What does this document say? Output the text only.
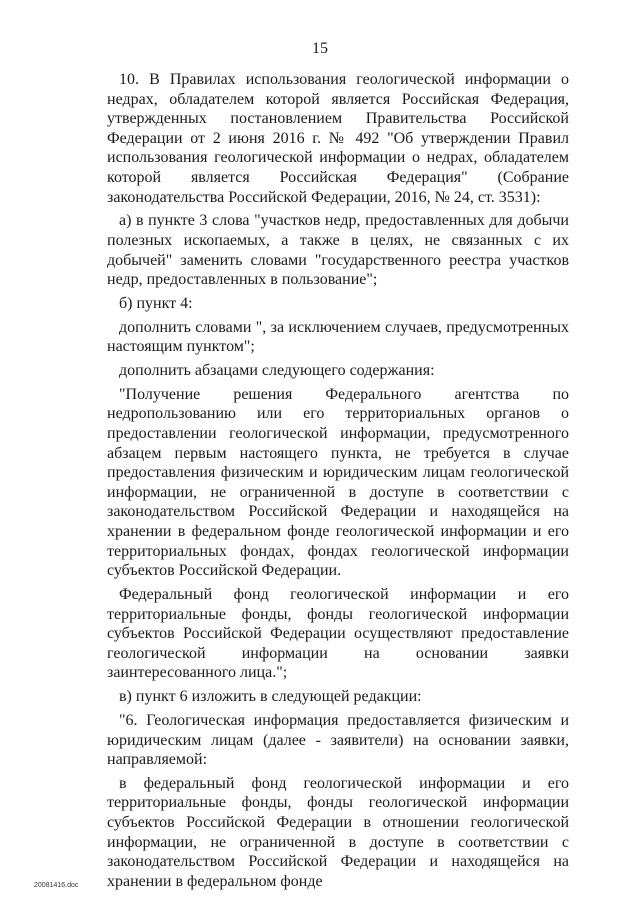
15

10. В Правилах использования геологической информации о недрах, обладателем которой является Российская Федерация, утвержденных постановлением Правительства Российской Федерации от 2 июня 2016 г. № 492 "Об утверждении Правил использования геологической информации о недрах, обладателем которой является Российская Федерация" (Собрание законодательства Российской Федерации, 2016, № 24, ст. 3531):

а) в пункте 3 слова "участков недр, предоставленных для добычи полезных ископаемых, а также в целях, не связанных с их добычей" заменить словами "государственного реестра участков недр, предоставленных в пользование";

б) пункт 4:

дополнить словами ", за исключением случаев, предусмотренных настоящим пунктом";

дополнить абзацами следующего содержания:

"Получение решения Федерального агентства по недропользованию или его территориальных органов о предоставлении геологической информации, предусмотренного абзацем первым настоящего пункта, не требуется в случае предоставления физическим и юридическим лицам геологической информации, не ограниченной в доступе в соответствии с законодательством Российской Федерации и находящейся на хранении в федеральном фонде геологической информации и его территориальных фондах, фондах геологической информации субъектов Российской Федерации.

Федеральный фонд геологической информации и его территориальные фонды, фонды геологической информации субъектов Российской Федерации осуществляют предоставление геологической информации на основании заявки заинтересованного лица.";

в) пункт 6 изложить в следующей редакции:

"6. Геологическая информация предоставляется физическим и юридическим лицам (далее - заявители) на основании заявки, направляемой:

в федеральный фонд геологической информации и его территориальные фонды, фонды геологической информации субъектов Российской Федерации в отношении геологической информации, не ограниченной в доступе в соответствии с законодательством Российской Федерации и находящейся на хранении в федеральном фонде

20081416.doc
